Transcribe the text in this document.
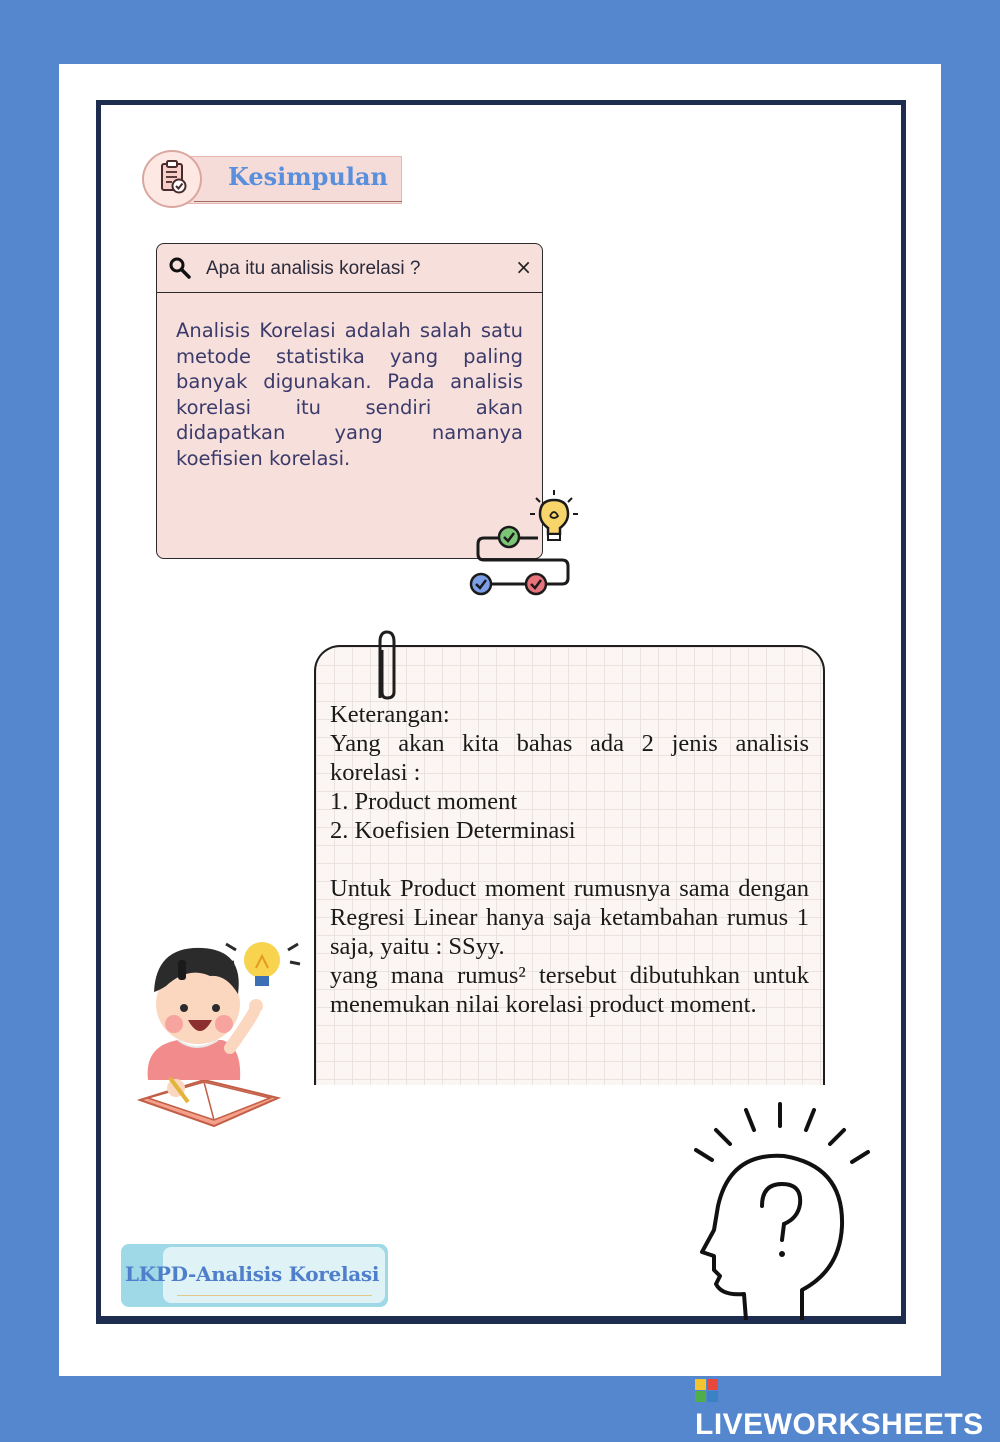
Kesimpulan
Apa itu analisis korelasi ?	×
Analisis Korelasi adalah salah satu metode statistika yang paling banyak digunakan. Pada analisis korelasi itu sendiri akan didapatkan yang namanya koefisien korelasi.

Keterangan:

Yang akan kita bahas ada 2 jenis analisis korelasi :

1. Product moment

2. Koefisien Determinasi

Untuk Product moment rumusnya sama dengan Regresi Linear hanya saja ketambahan rumus 1 saja, yaitu : SSyy.

yang mana rumus² tersebut dibutuhkan untuk menemukan nilai korelasi product moment.

LKPD-Analisis Korelasi
LIVEWORKSHEETS
